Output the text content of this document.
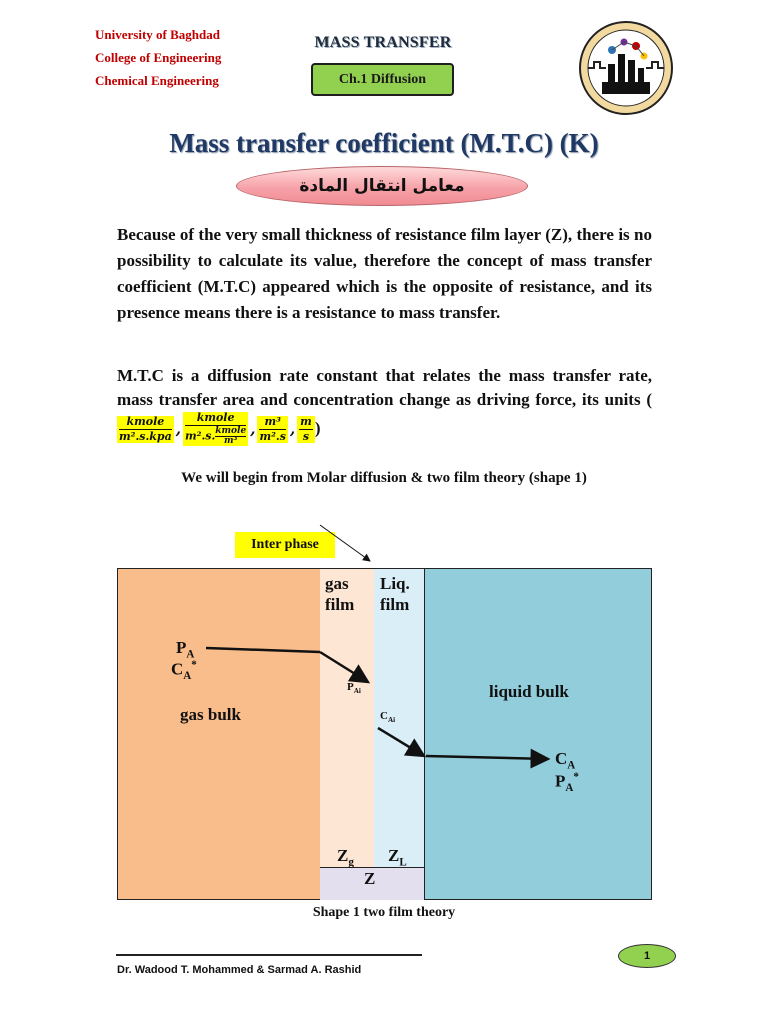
University of Baghdad
College of Engineering
Chemical Engineering
MASS TRANSFER
Ch.1 Diffusion
Mass transfer coefficient (M.T.C) (K)
معامل انتقال المادة
Because of the very small thickness of resistance film layer (Z), there is no possibility to calculate its value, therefore the concept of mass transfer coefficient (M.T.C) appeared which is the opposite of resistance, and its presence means there is a resistance to mass transfer.
M.T.C is a diffusion rate constant that relates the mass transfer rate, mass transfer area and concentration change as driving force, its units (
$\frac{\text{kmole}}{\text{m².s.kpa}}$ , kmole
m².s. kmole
m³ , $\frac{\text{m³}}{\text{m².s}}$ , $\frac{m}{s}$ )
We will begin from Molar diffusion & two film theory (shape 1)
Inter phase
gas
film
Liq.
film
$P_A$
$C_A^*$
gas bulk
liquid bulk
$P_{Ai}$
$C_{Ai}$
$C_A$
$P_A^*$
$Z_g$ $Z_L$
Z
Shape 1 two film theory
Dr. Wadood T. Mohammed & Sarmad A. Rashid
1
